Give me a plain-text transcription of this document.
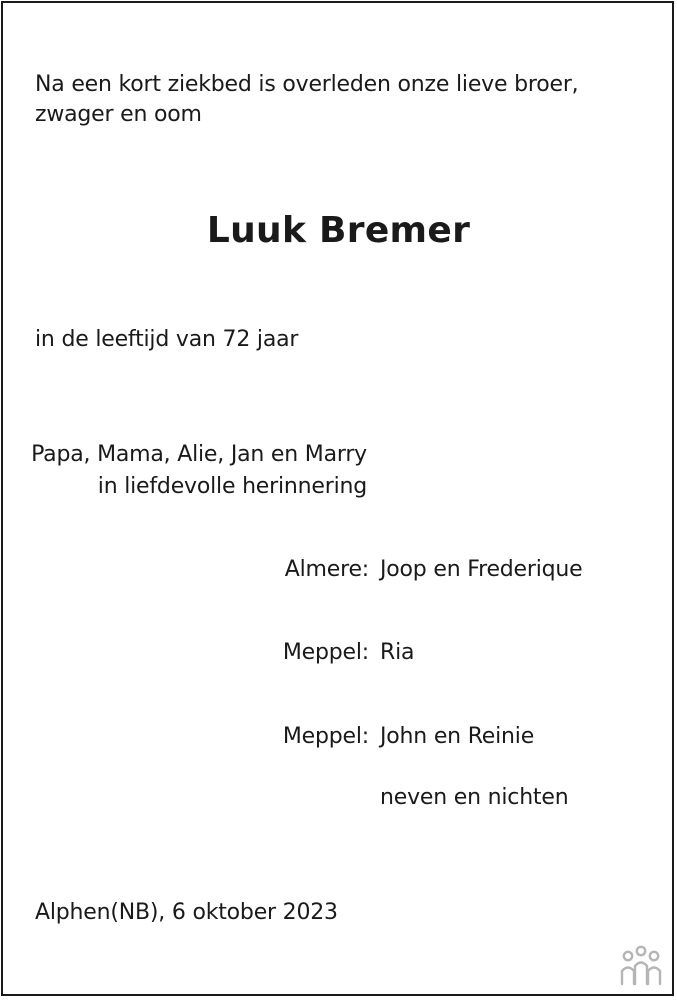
Na een kort ziekbed is overleden onze lieve broer, zwager en oom
Luuk Bremer
in de leeftijd van 72 jaar
Papa, Mama, Alie, Jan en Marry
in liefdevolle herinnering
Almere: Joop en Frederique
Meppel: Ria
Meppel: John en Reinie
neven en nichten
Alphen(NB), 6 oktober 2023
